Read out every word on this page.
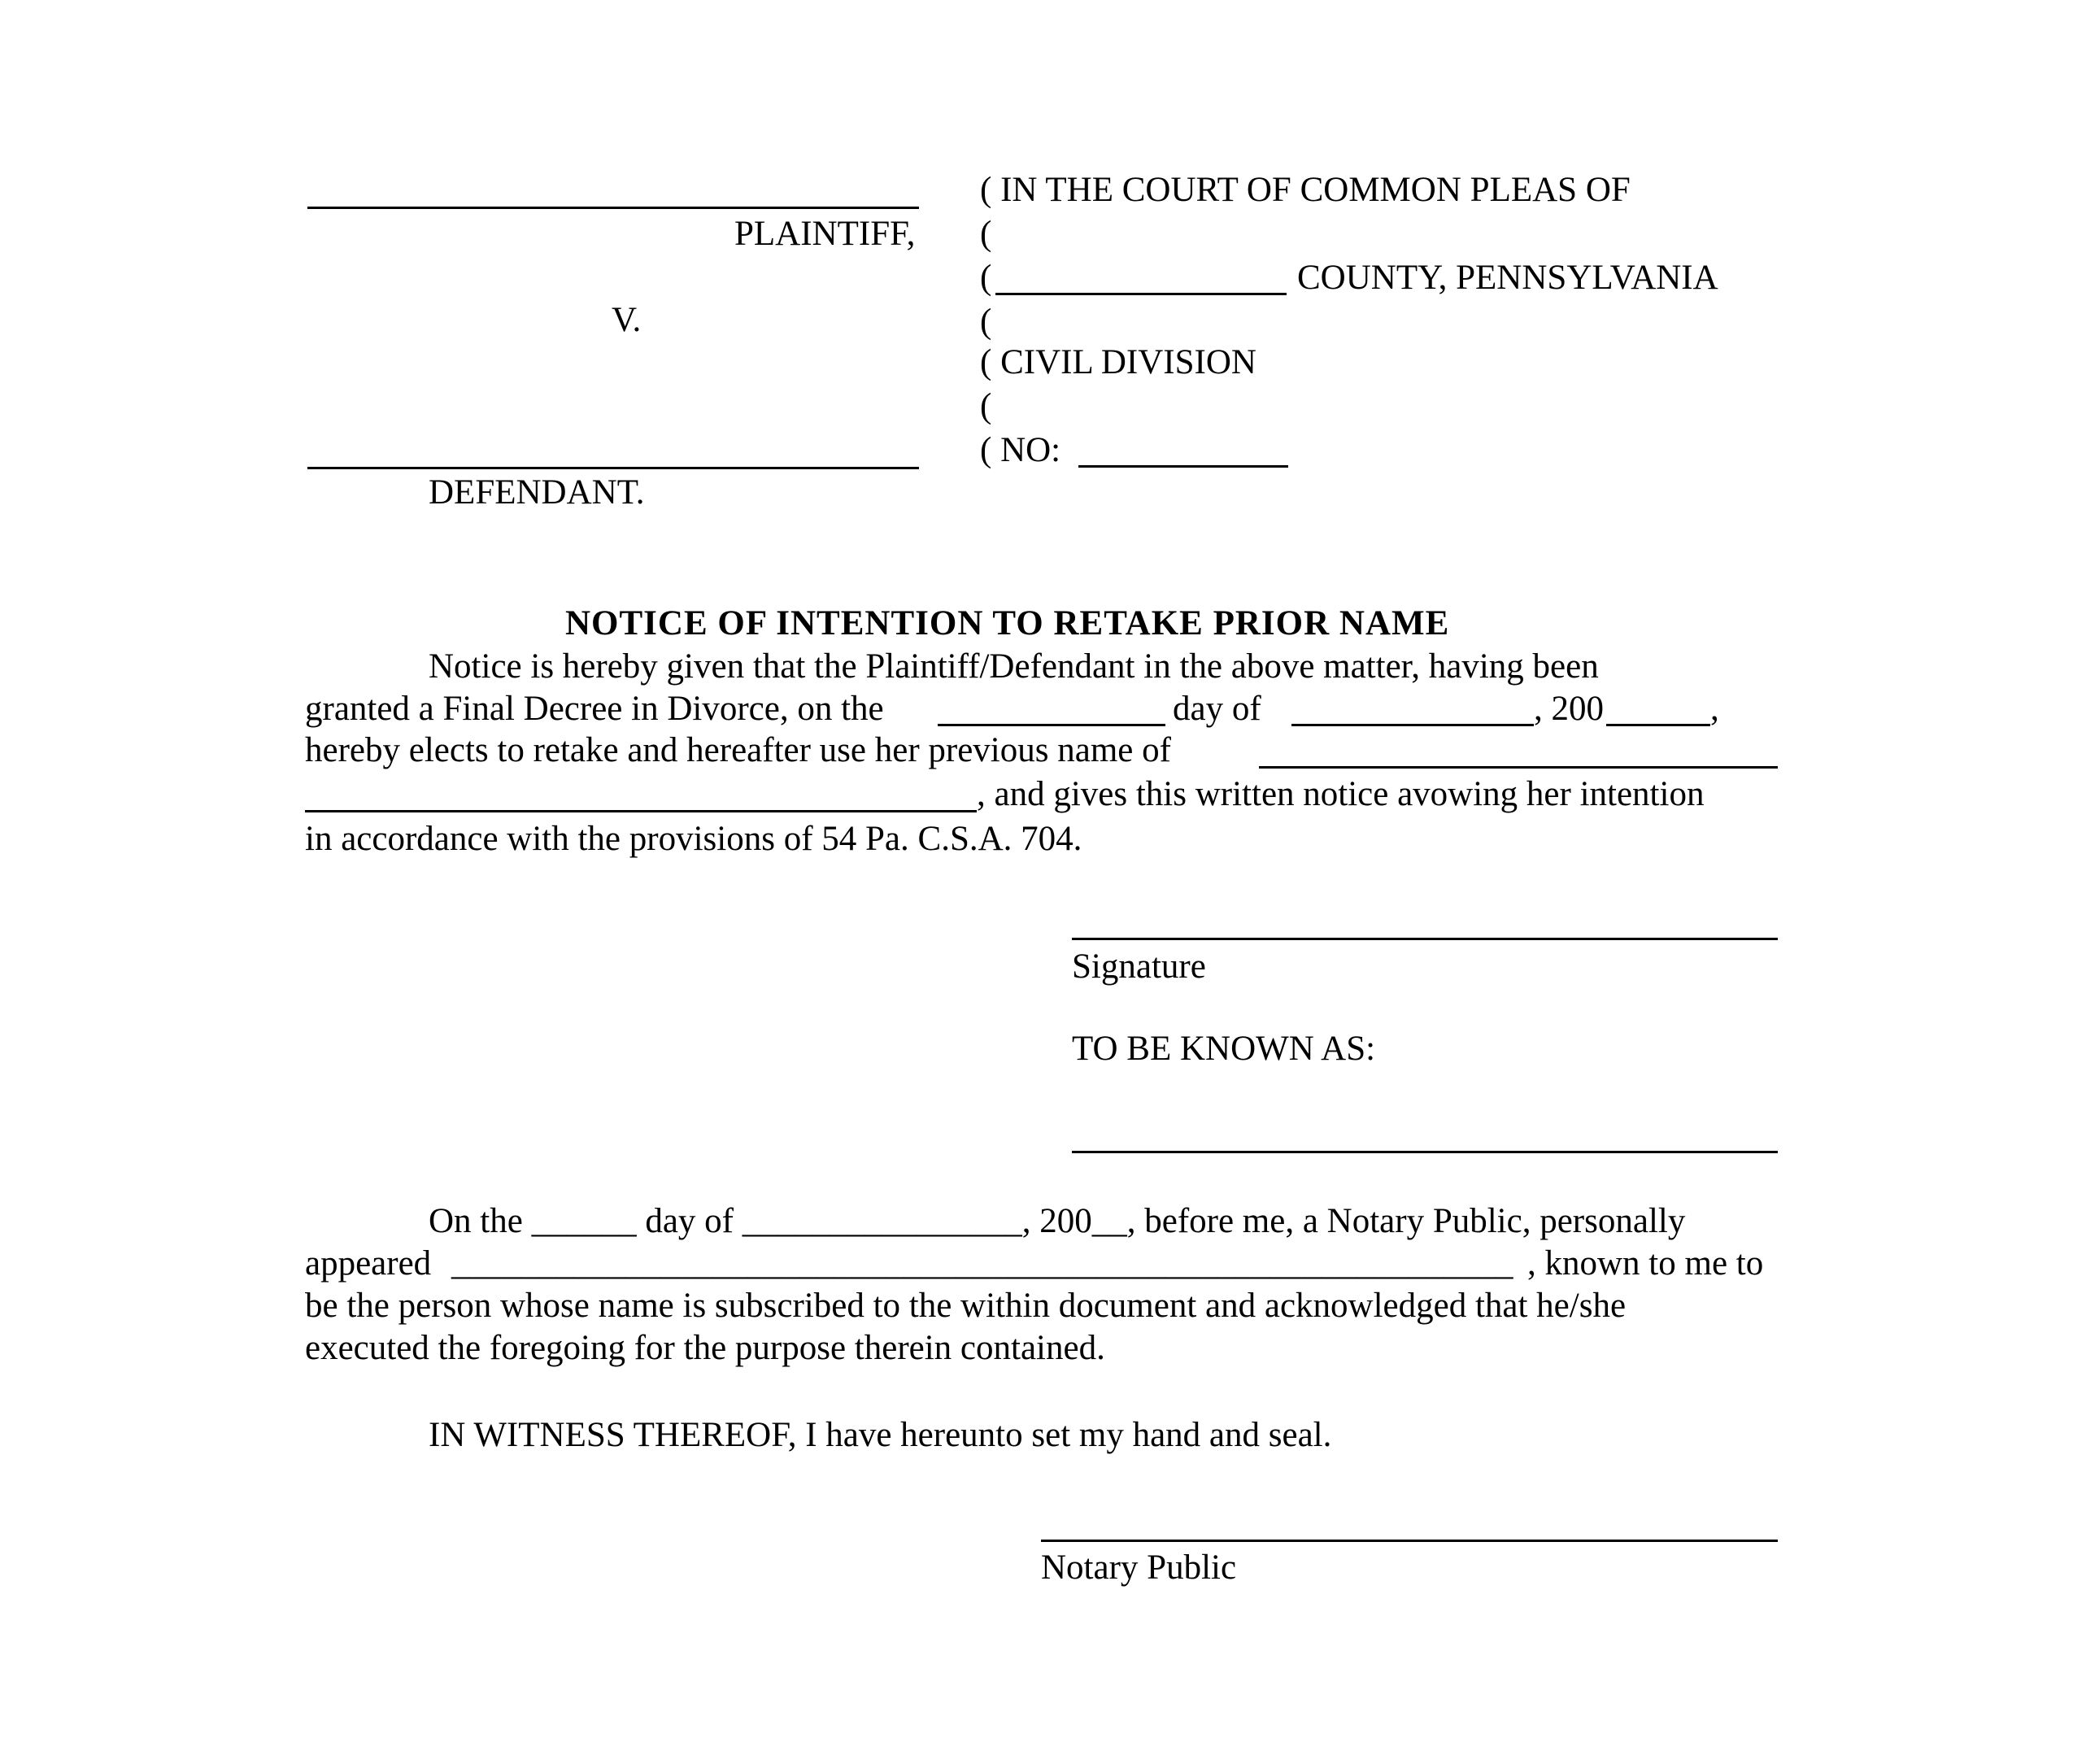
PLAINTIFF,
V.
DEFENDANT.
( IN THE COURT OF COMMON PLEAS OF
(
(	COUNTY, PENNSYLVANIA
(
( CIVIL DIVISION
(
( NO:
NOTICE OF INTENTION TO RETAKE PRIOR NAME
Notice is hereby given that the Plaintiff/Defendant in the above matter, having been
granted a Final Decree in Divorce, on the	day of	, 200	,
hereby elects to retake and hereafter use her previous name of
, and gives this written notice avowing her intention
in accordance with the provisions of 54 Pa. C.S.A. 704.
Signature
TO BE KNOWN AS:
On the ______ day of ________________, 200__, before me, a Notary Public, personally
appeared _____________________________________________________________ , known to me to
be the person whose name is subscribed to the within document and acknowledged that he/she
executed the foregoing for the purpose therein contained.
IN WITNESS THEREOF, I have hereunto set my hand and seal.
Notary Public
